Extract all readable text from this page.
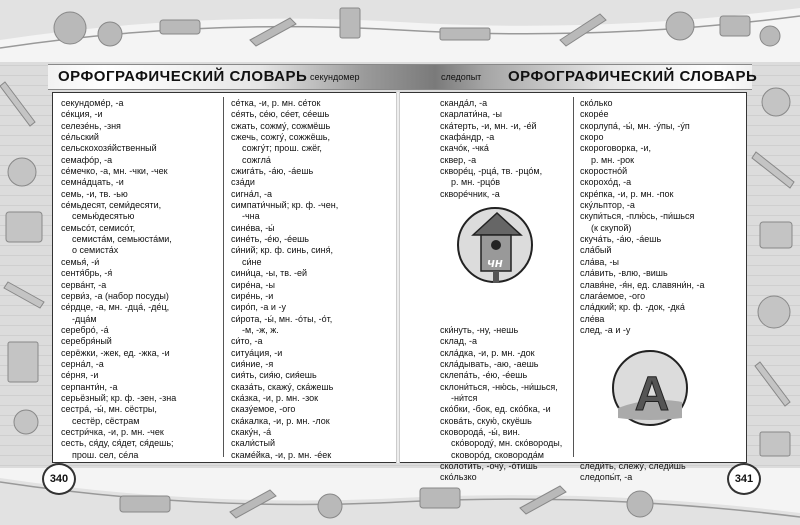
ОРФОГРАФИЧЕСКИЙ СЛОВАРЬ секундомер	следопыт ОРФОГРАФИЧЕСКИЙ СЛОВАРЬ
секундоме́р, -а
се́кция, -и
селезе́нь, -зня
се́льский
сельскохозя́йственный
семафо́р, -а
се́мечко, -а, мн. -чки, -чек
семна́дцать, -и
семь, -и, тв. -ью
се́мьдесят, семи́десяти,
семью́десятью
семьсо́т, семисо́т,
семиста́м, семьюста́ми,
о семиста́х
семья́, -и́
сентя́брь, -я́
серва́нт, -а
серви́з, -а (набор посуды)
се́рдце, -а, мн. -дца́, -де́ц,
-дца́м
серебро́, -а́
серебря́ный
серёжки, -жек, ед. -жка, -и
серна́л, -а
се́рня, -и
серпанти́н, -а
серьёзный; кр. ф. -зен, -зна
сестра́, -ы́, мн. сёстры,
сестёр, сёстрам
сестри́чка, -и, р. мн. -чек
сесть, ся́ду, ся́дет, ся́дешь;
прош. сел, се́ла
се́тка, -и, р. мн. се́ток
се́ять, се́ю, се́ет, се́ешь
сжать, сожму́, сожмёшь
сжечь, сожгу́, сожжёшь,
сожгу́т; прош. сжёг,
сожгла́
сжига́ть, -а́ю, -а́ешь
сза́ди
сигна́л, -а
симпати́чный; кр. ф. -чен,
-чна
сине́ва, -ы́
сине́ть, -е́ю, -е́ешь
си́ний; кр. ф. синь, синя́,
си́не
сини́ца, -ы, тв. -ей
сире́на, -ы
сире́нь, -и
сиро́п, -а и -у
си́рота, -ы́, мн. -о́ты, -о́т,
-м, -ж, ж.
си́то, -а
ситуа́ция, -и
сия́ние, -я
сия́ть, сия́ю, сия́ешь
сказа́ть, скажу́, ска́жешь
ска́зка, -и, р. мн. -зок
сказу́емое, -ого
ска́калка, -и, р. мн. -лок
скаку́н, -а́
скали́стый
скаме́йка, -и, р. мн. -е́ек
сканда́л, -а
скарлати́на, -ы
ска́терть, -и, мн. -и, -е́й
скафа́ндр, -а
скачо́к, -чка́
сквер, -а
скворе́ц, -рца́, тв. -рцо́м,
р. мн. -рцо́в
скворе́чник, -а

ски́нуть, -ну, -нешь
склад, -а
скла́дка, -и, р. мн. -док
скла́дывать, -аю, -аешь
склепа́ть, -е́ю, -е́ешь
склони́ться, -ню́сь, -ни́шься,
-ни́тся
ско́бки, -бок, ед. ско́бка, -и
скова́ть, скую́, скуёшь
сковорода́, -ы́, вин.
ско́вороду́, мн. ско́вороды,
сковоро́д, сковорода́м
сколоти́ть, -очу́, -о́тишь
ско́льзко
ско́лько
скоре́е
скорлупа́, -ы́, мн. -у́пы, -у́п
скоро
скороговорка, -и,
р. мн. -рок
скоростно́й
скорохо́д, -а
скре́пка, -и, р. мн. -пок
ску́льптор, -а
скупи́ться, -плю́сь, -пи́шься
(к скупой)
скуча́ть, -а́ю, -а́ешь
сла́бый
сла́ва, -ы
сла́вить, -влю, -вишь
славя́не, -я́н, ед. славяни́н, -а
слага́емое, -ого
сла́дкий; кр. ф. -док, -дка́
сле́ва
след, -а и -у

следи́ть, слежу́, следи́шь
следопы́т, -а
чн
А
340	341
